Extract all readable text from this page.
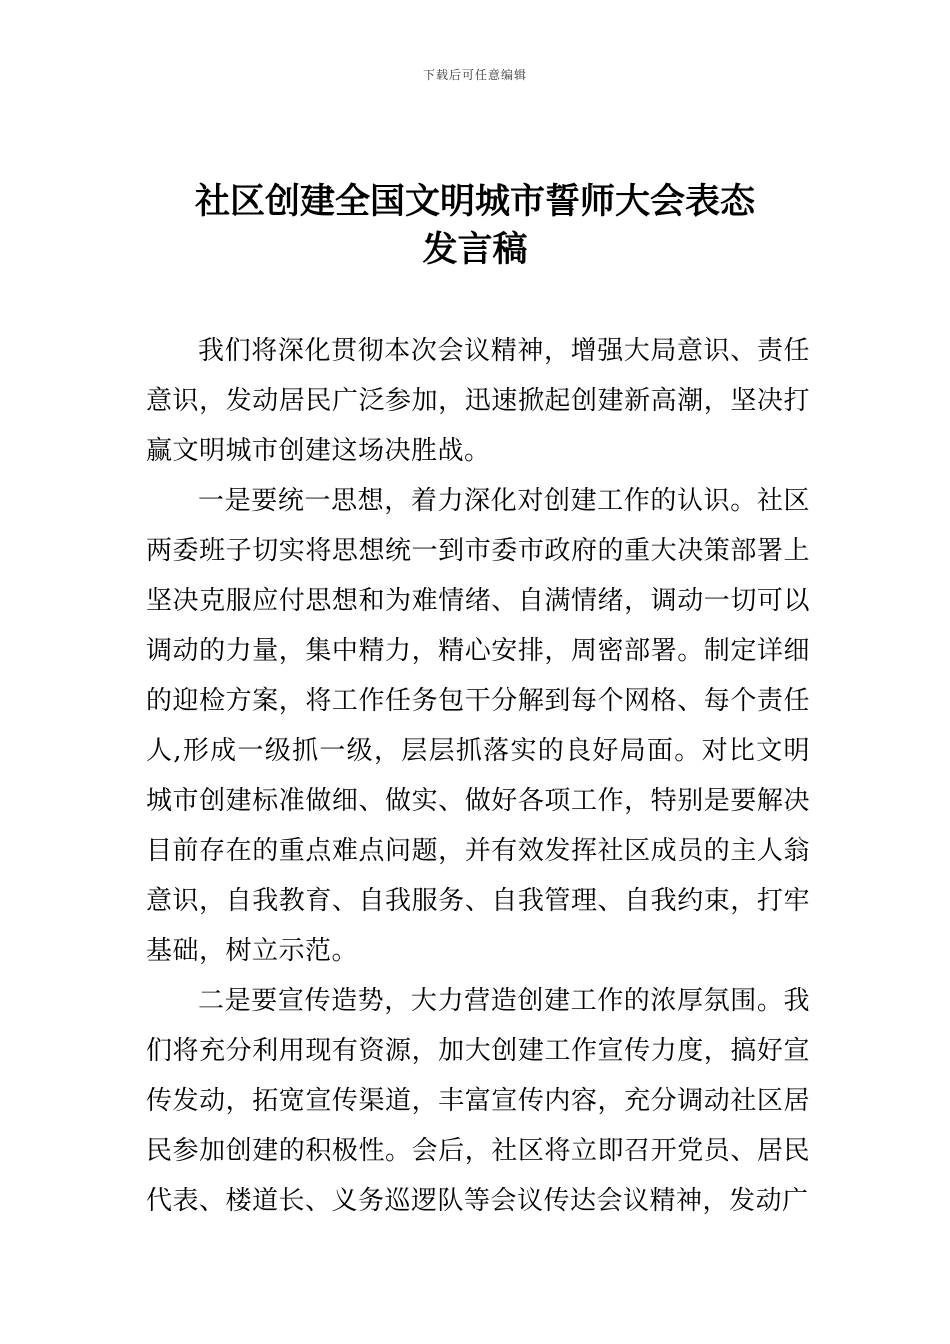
下载后可任意编辑
社区创建全国文明城市誓师大会表态
发言稿

我们将深化贯彻本次会议精神，增强大局意识、责任意识，发动居民广泛参加，迅速掀起创建新高潮，坚决打赢文明城市创建这场决胜战。

一是要统一思想，着力深化对创建工作的认识。社区两委班子切实将思想统一到市委市政府的重大决策部署上坚决克服应付思想和为难情绪、自满情绪，调动一切可以调动的力量，集中精力，精心安排，周密部署。制定详细的迎检方案，将工作任务包干分解到每个网格、每个责任人,形成一级抓一级，层层抓落实的良好局面。对比文明城市创建标准做细、做实、做好各项工作，特别是要解决目前存在的重点难点问题，并有效发挥社区成员的主人翁意识，自我教育、自我服务、自我管理、自我约束，打牢基础，树立示范。

二是要宣传造势，大力营造创建工作的浓厚氛围。我们将充分利用现有资源，加大创建工作宣传力度，搞好宣传发动，拓宽宣传渠道，丰富宣传内容，充分调动社区居民参加创建的积极性。会后，社区将立即召开党员、居民代表、楼道长、义务巡逻队等会议传达会议精神，发动广
